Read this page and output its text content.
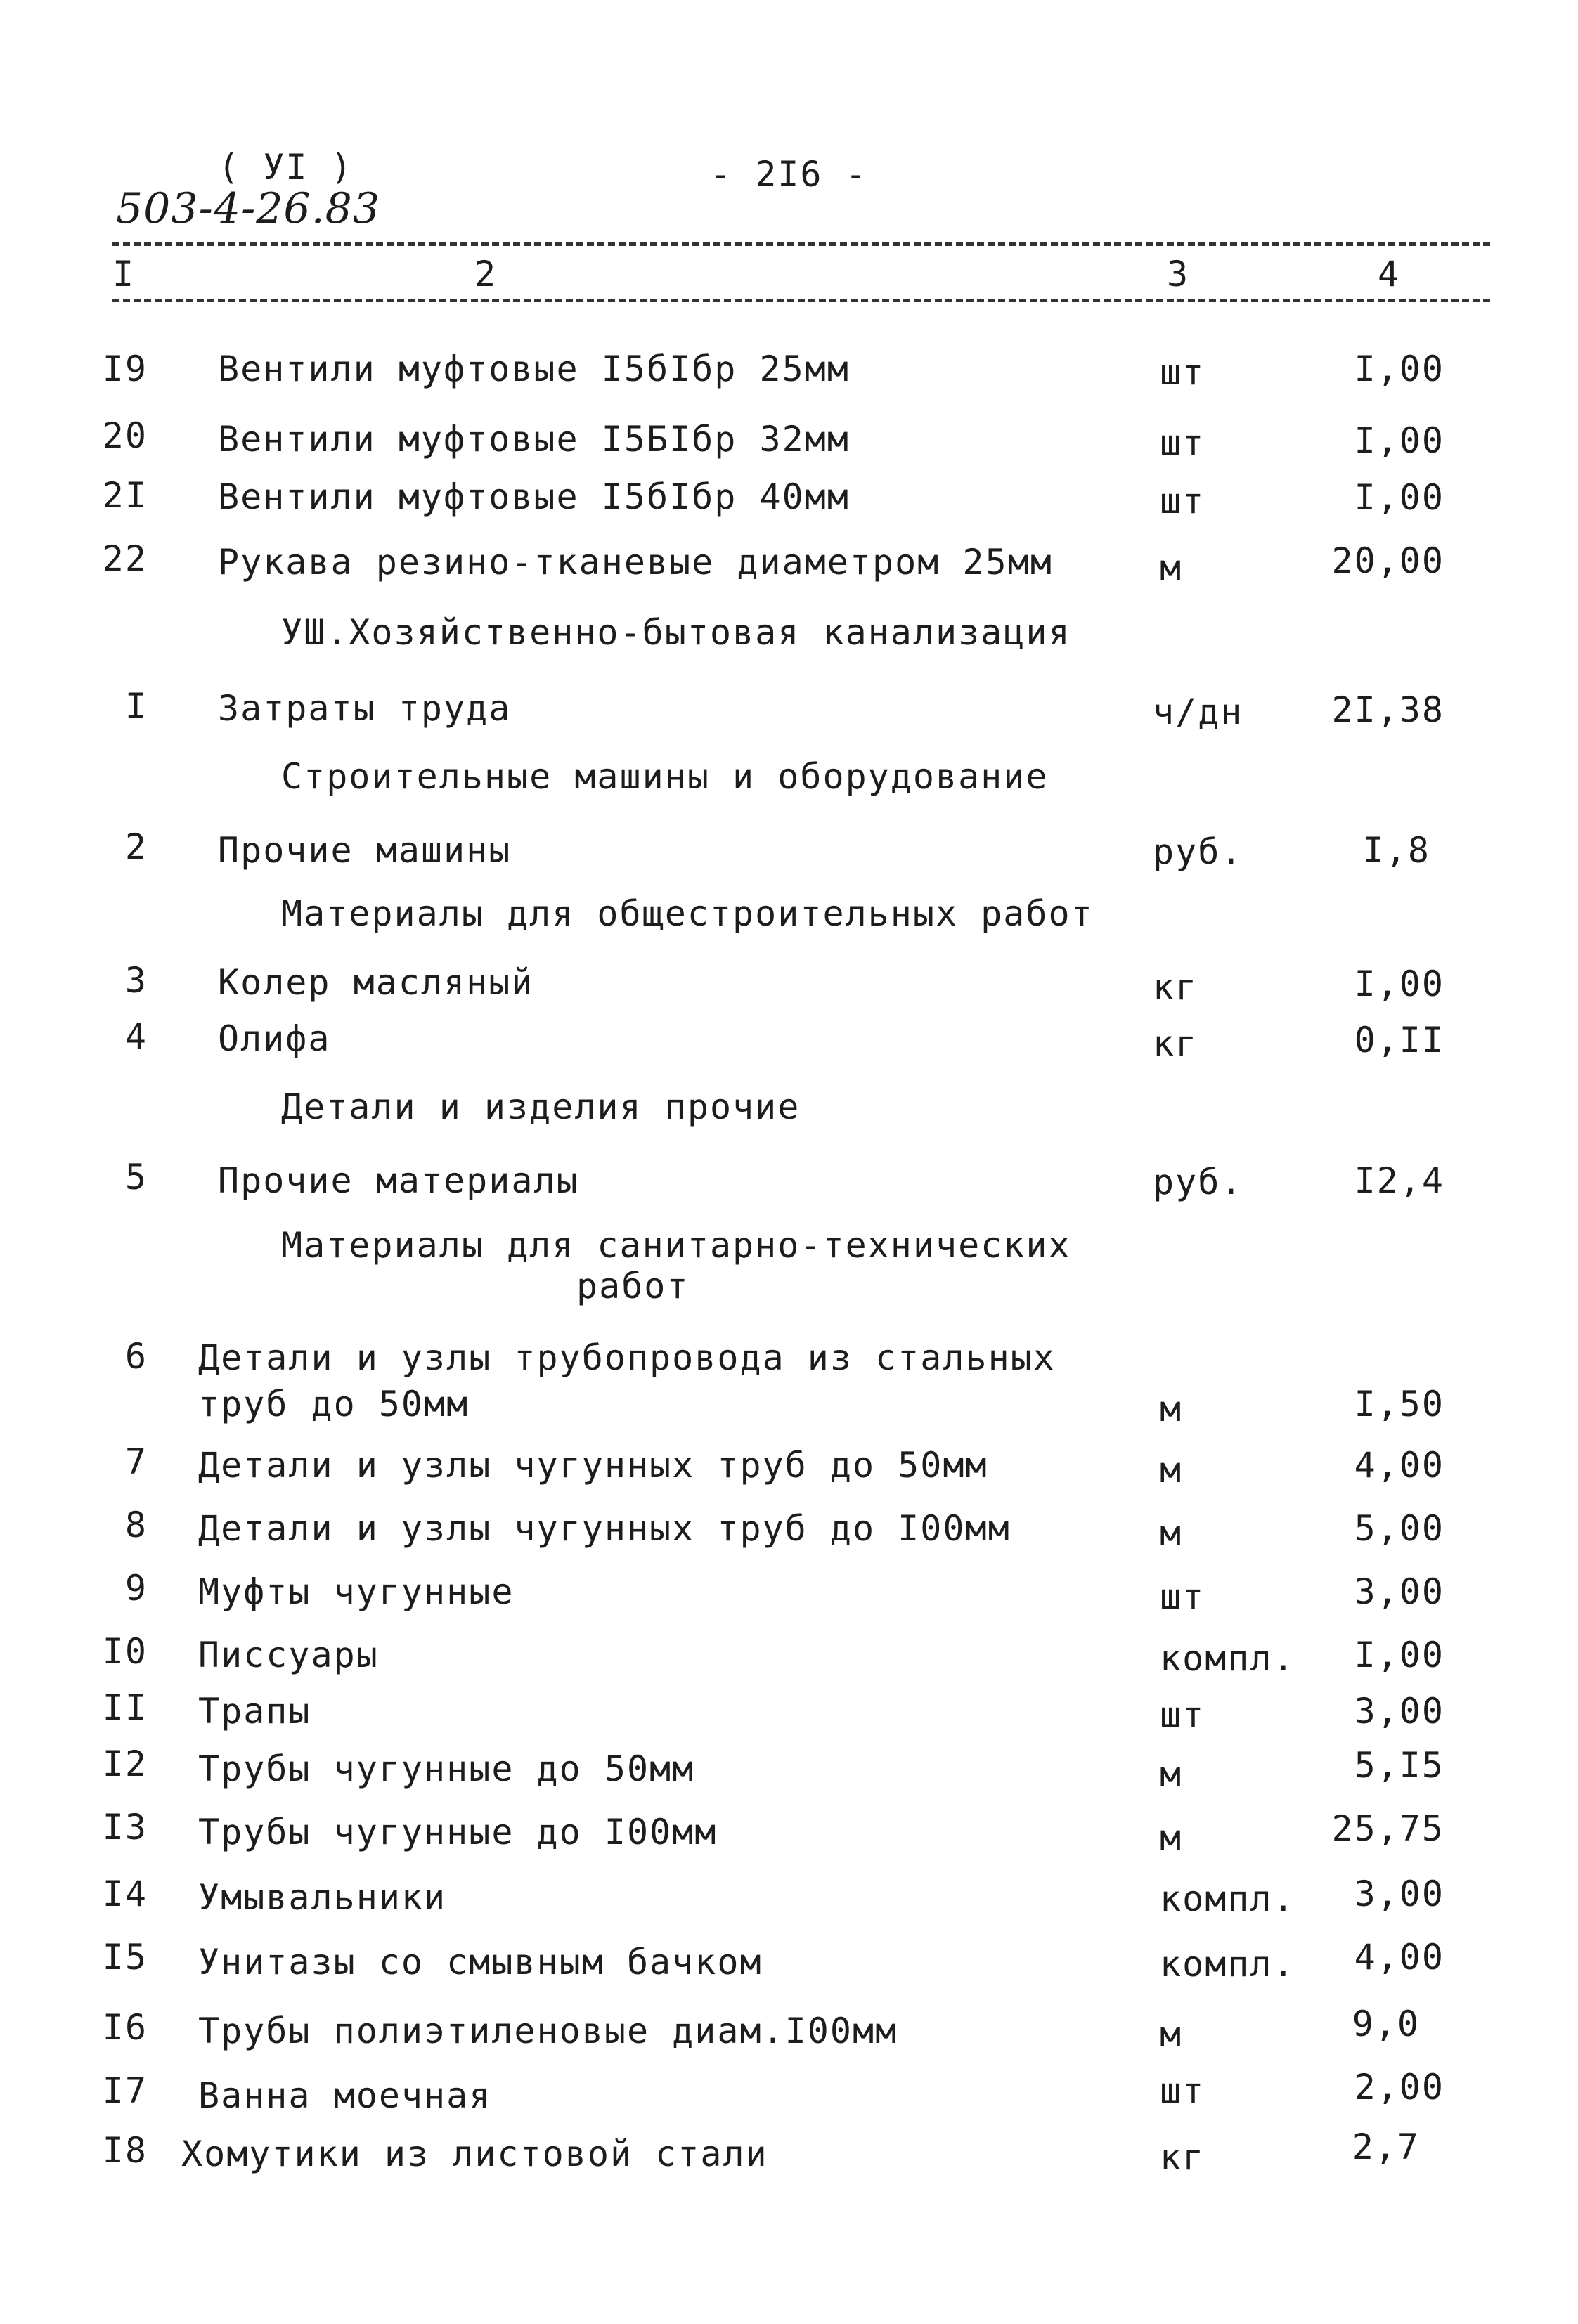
( УI )
503-4-26.83
- 2I6 -
I	2	3	4
I9 Вентили муфтовые I5бIбр 25мм	шт	I,00
20 Вентили муфтовые I5БIбр 32мм	шт	I,00
2I Вентили муфтовые I5бIбр 40мм	шт	I,00
22 Рукава резино-тканевые диаметром 25мм	м	20,00
УШ.Хозяйственно-бытовая канализация
I Затраты труда	ч/дн	2I,38
Строительные машины и оборудование
2 Прочие машины	руб.	I,8
Материалы для общестроительных работ
3 Колер масляный	кг	I,00
4 Олифа	кг	0,II
Детали и изделия прочие
5 Прочие материалы	руб.	I2,4
Материалы для санитарно-технических
работ
6 Детали и узлы трубопровода из стальных
труб до 50мм	м	I,50
7 Детали и узлы чугунных труб до 50мм	м	4,00
8 Детали и узлы чугунных труб до I00мм	м	5,00
9 Муфты чугунные	шт	3,00
I0 Писсуары	компл.	I,00
II Трапы	шт	3,00
I2 Трубы чугунные до 50мм	м	5,I5
I3 Трубы чугунные до I00мм	м	25,75
I4 Умывальники	компл.	3,00
I5 Унитазы со смывным бачком	компл.	4,00
I6 Трубы полиэтиленовые диам.I00мм	м	9,0
I7 Ванна моечная	шт	2,00
I8 Хомутики из листовой стали	кг	2,7
